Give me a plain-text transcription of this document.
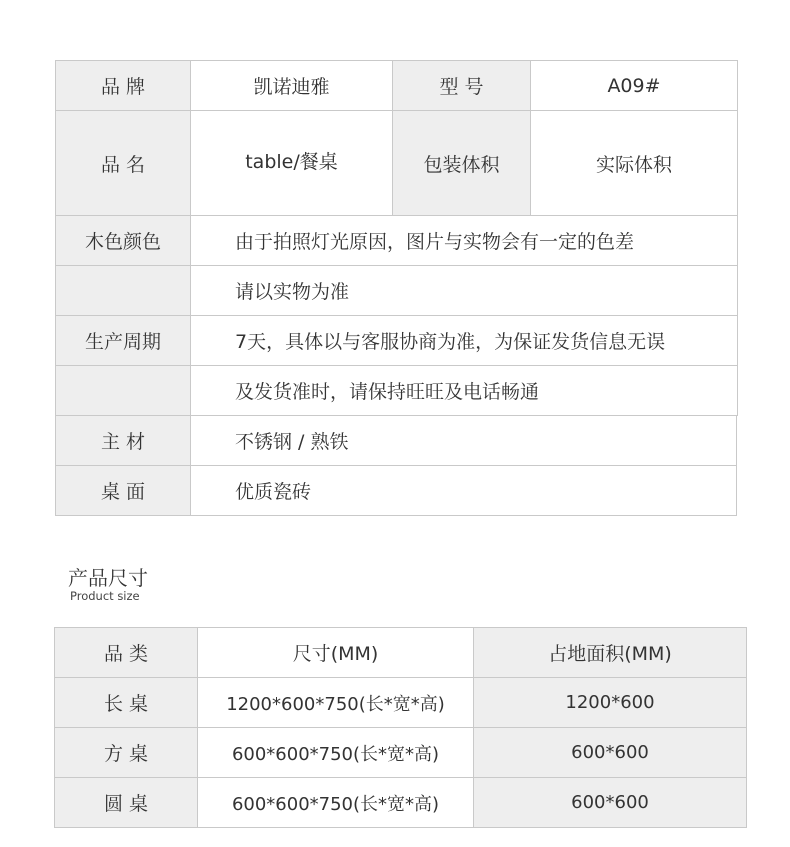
品 牌	凯诺迪雅	型 号	A09#
品 名	table/餐桌	包装体积	实际体积
木色颜色	由于拍照灯光原因，图片与实物会有一定的色差
请以实物为准
生产周期	7天，具体以与客服协商为准，为保证发货信息无误
及发货准时，请保持旺旺及电话畅通
主 材	不锈钢 / 熟铁
桌 面	优质瓷砖
产品尺寸
Product size
品 类	尺寸(MM)	占地面积(MM)
长 桌	1200*600*750(长*宽*高)	1200*600
方 桌	600*600*750(长*宽*高)	600*600
圆 桌	600*600*750(长*宽*高)	600*600
